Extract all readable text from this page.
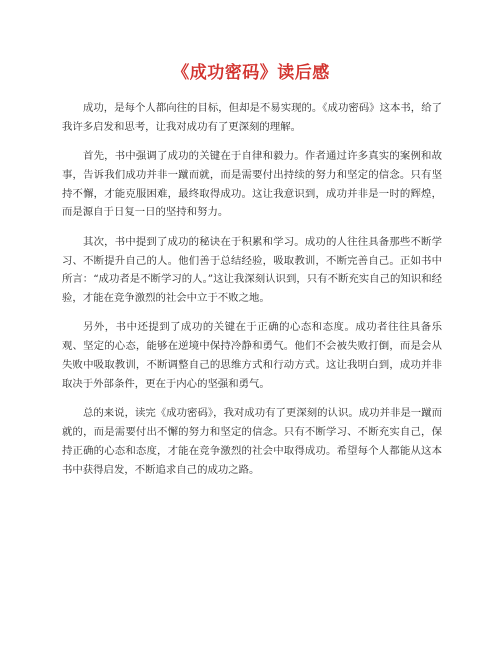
《成功密码》读后感

成功，是每个人都向往的目标，但却是不易实现的。《成功密码》这本书，给了我许多启发和思考，让我对成功有了更深刻的理解。

首先，书中强调了成功的关键在于自律和毅力。作者通过许多真实的案例和故事，告诉我们成功并非一蹴而就，而是需要付出持续的努力和坚定的信念。只有坚持不懈，才能克服困难，最终取得成功。这让我意识到，成功并非是一时的辉煌，而是源自于日复一日的坚持和努力。

其次，书中提到了成功的秘诀在于积累和学习。成功的人往往具备那些不断学习、不断提升自己的人。他们善于总结经验，吸取教训，不断完善自己。正如书中所言：“成功者是不断学习的人。”这让我深刻认识到，只有不断充实自己的知识和经验，才能在竞争激烈的社会中立于不败之地。

另外，书中还提到了成功的关键在于正确的心态和态度。成功者往往具备乐观、坚定的心态，能够在逆境中保持冷静和勇气。他们不会被失败打倒，而是会从失败中吸取教训，不断调整自己的思维方式和行动方式。这让我明白到，成功并非取决于外部条件，更在于内心的坚强和勇气。

总的来说，读完《成功密码》，我对成功有了更深刻的认识。成功并非是一蹴而就的，而是需要付出不懈的努力和坚定的信念。只有不断学习、不断充实自己，保持正确的心态和态度，才能在竞争激烈的社会中取得成功。希望每个人都能从这本书中获得启发，不断追求自己的成功之路。
